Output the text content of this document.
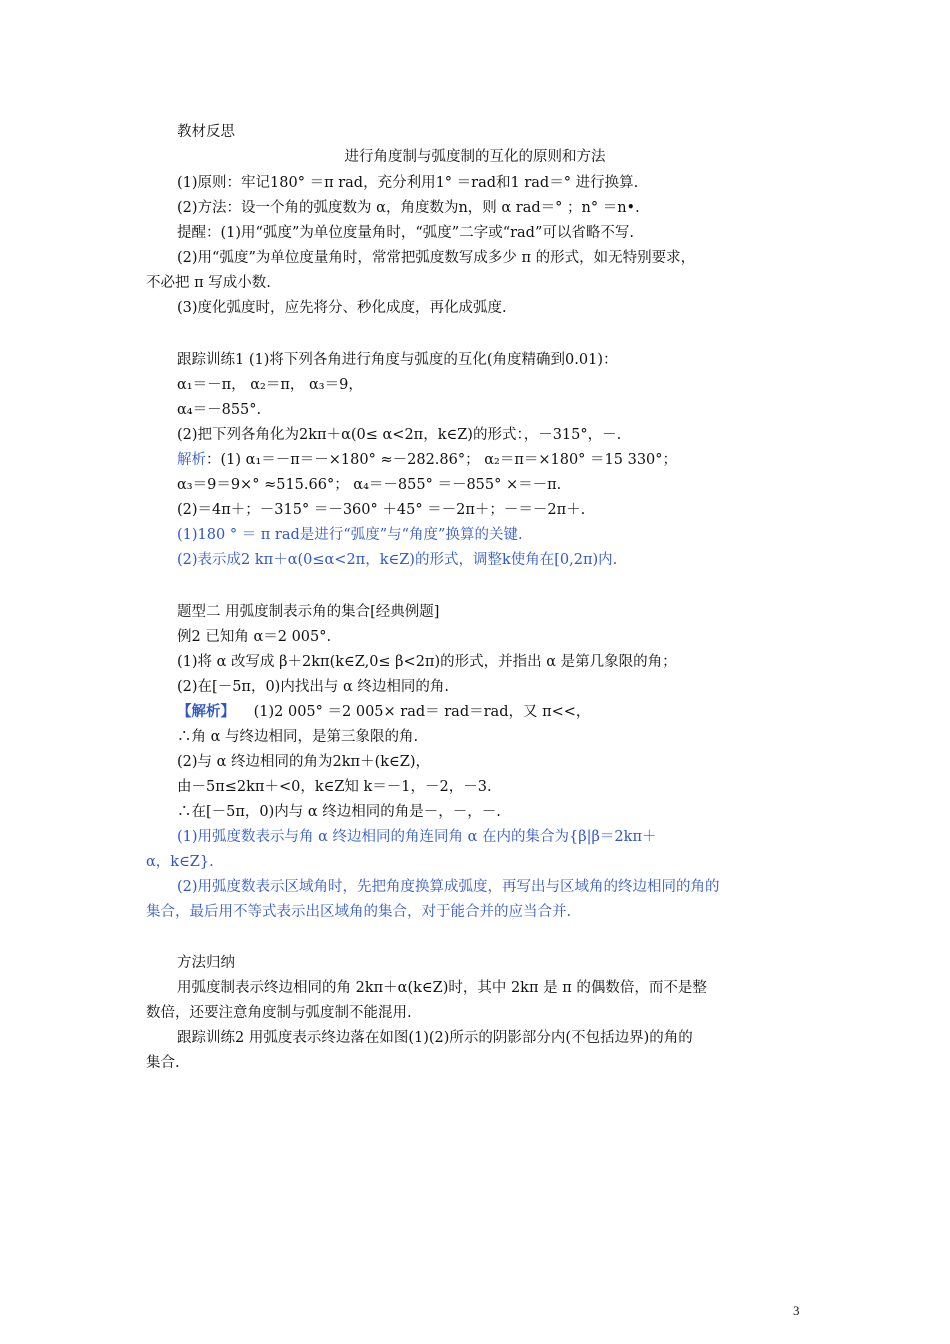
教材反思
进行角度制与弧度制的互化的原则和方法
(1)原则：牢记180° ＝π rad，充分利用1° ＝rad和1 rad＝° 进行换算.
(2)方法：设一个角的弧度数为 α，角度数为n，则 α rad＝° ；n° ＝n•.
提醒：(1)用“弧度”为单位度量角时，“弧度”二字或“rad”可以省略不写.
(2)用“弧度”为单位度量角时，常常把弧度数写成多少 π 的形式，如无特别要求，
不必把 π 写成小数.
(3)度化弧度时，应先将分、秒化成度，再化成弧度.
跟踪训练1 (1)将下列各角进行角度与弧度的互化(角度精确到0.01)：
α₁＝－π， α₂＝π， α₃＝9，
α₄＝－855°.
(2)把下列各角化为2kπ＋α(0≤ α<2π，k∈Z)的形式：，－315°，－.
解析：(1) α₁＝－π＝－×180° ≈－282.86°； α₂＝π＝×180° ＝15 330°；
α₃＝9＝9×° ≈515.66°； α₄＝－855° ＝－855° ×＝－π.
(2)＝4π＋；－315° ＝－360° ＋45° ＝－2π＋；－＝－2π＋.
(1)180 ° ＝ π rad是进行“弧度”与“角度”换算的关键.
(2)表示成2 kπ＋α(0≤α<2π，k∈Z)的形式，调整k使角在[0,2π)内.
题型二 用弧度制表示角的集合[经典例题]
例2 已知角 α＝2 005°.
(1)将 α 改写成 β＋2kπ(k∈Z,0≤ β<2π)的形式，并指出 α 是第几象限的角；
(2)在[－5π，0)内找出与 α 终边相同的角.
【解析】 (1)2 005° ＝2 005× rad＝ rad＝rad，又 π<<，
∴角 α 与终边相同，是第三象限的角.
(2)与 α 终边相同的角为2kπ＋(k∈Z)，
由－5π≤2kπ＋<0，k∈Z知 k＝－1，－2，－3.
∴在[－5π，0)内与 α 终边相同的角是－，－，－.
(1)用弧度数表示与角 α 终边相同的角连同角 α 在内的集合为{β|β＝2kπ＋
α，k∈Z}.
(2)用弧度数表示区域角时，先把角度换算成弧度，再写出与区域角的终边相同的角的
集合，最后用不等式表示出区域角的集合，对于能合并的应当合并.
方法归纳
用弧度制表示终边相同的角 2kπ＋α(k∈Z)时，其中 2kπ 是 π 的偶数倍，而不是整
数倍，还要注意角度制与弧度制不能混用.
跟踪训练2 用弧度表示终边落在如图(1)(2)所示的阴影部分内(不包括边界)的角的
集合.
3
